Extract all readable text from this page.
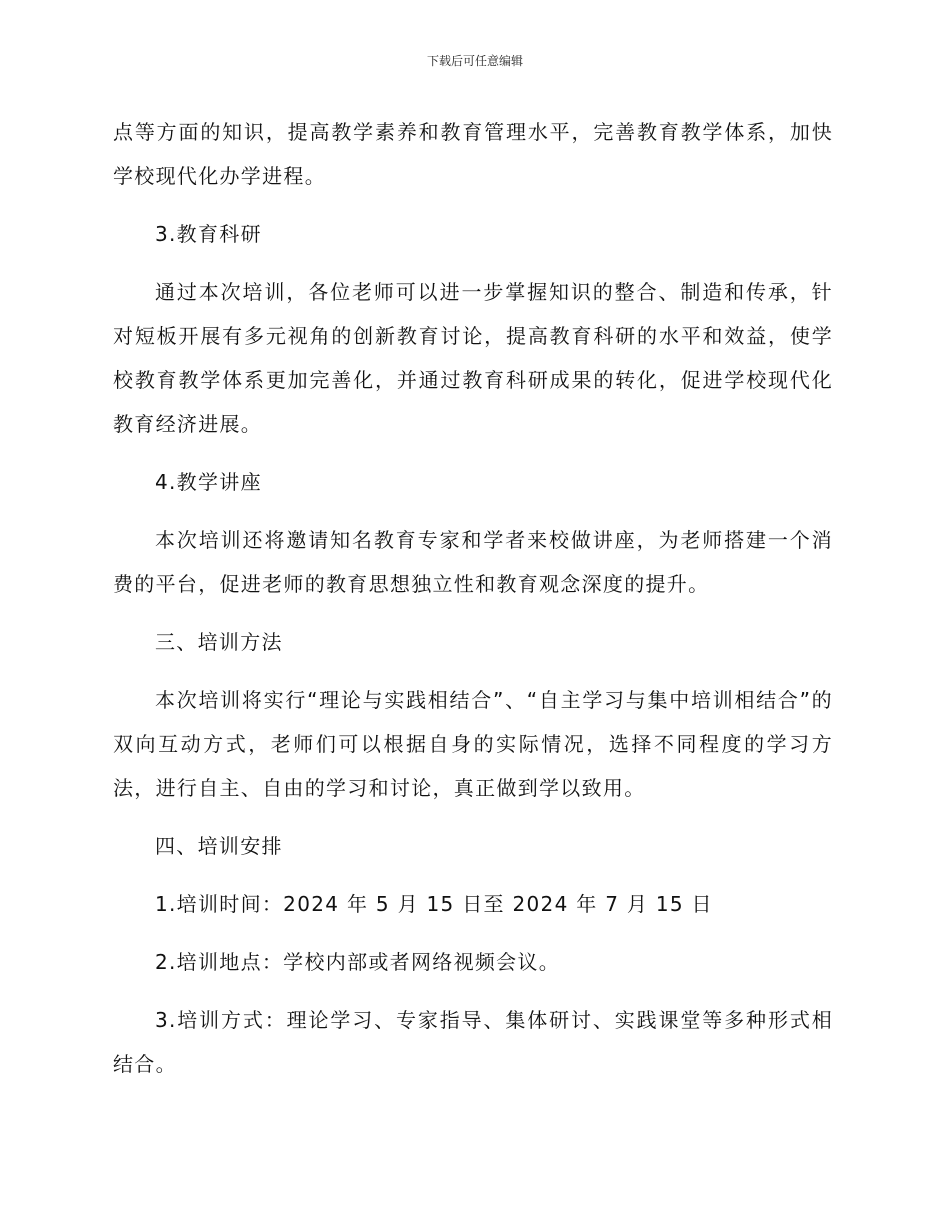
下载后可任意编辑

点等方面的知识，提高教学素养和教育管理水平，完善教育教学体系，加快学校现代化办学进程。

3.教育科研

通过本次培训，各位老师可以进一步掌握知识的整合、制造和传承，针对短板开展有多元视角的创新教育讨论，提高教育科研的水平和效益，使学校教育教学体系更加完善化，并通过教育科研成果的转化，促进学校现代化教育经济进展。

4.教学讲座

本次培训还将邀请知名教育专家和学者来校做讲座，为老师搭建一个消费的平台，促进老师的教育思想独立性和教育观念深度的提升。

三、培训方法

本次培训将实行“理论与实践相结合”、“自主学习与集中培训相结合”的双向互动方式，老师们可以根据自身的实际情况，选择不同程度的学习方法，进行自主、自由的学习和讨论，真正做到学以致用。

四、培训安排

1.培训时间：2024 年 5 月 15 日至 2024 年 7 月 15 日

2.培训地点：学校内部或者网络视频会议。

3.培训方式：理论学习、专家指导、集体研讨、实践课堂等多种形式相结合。
